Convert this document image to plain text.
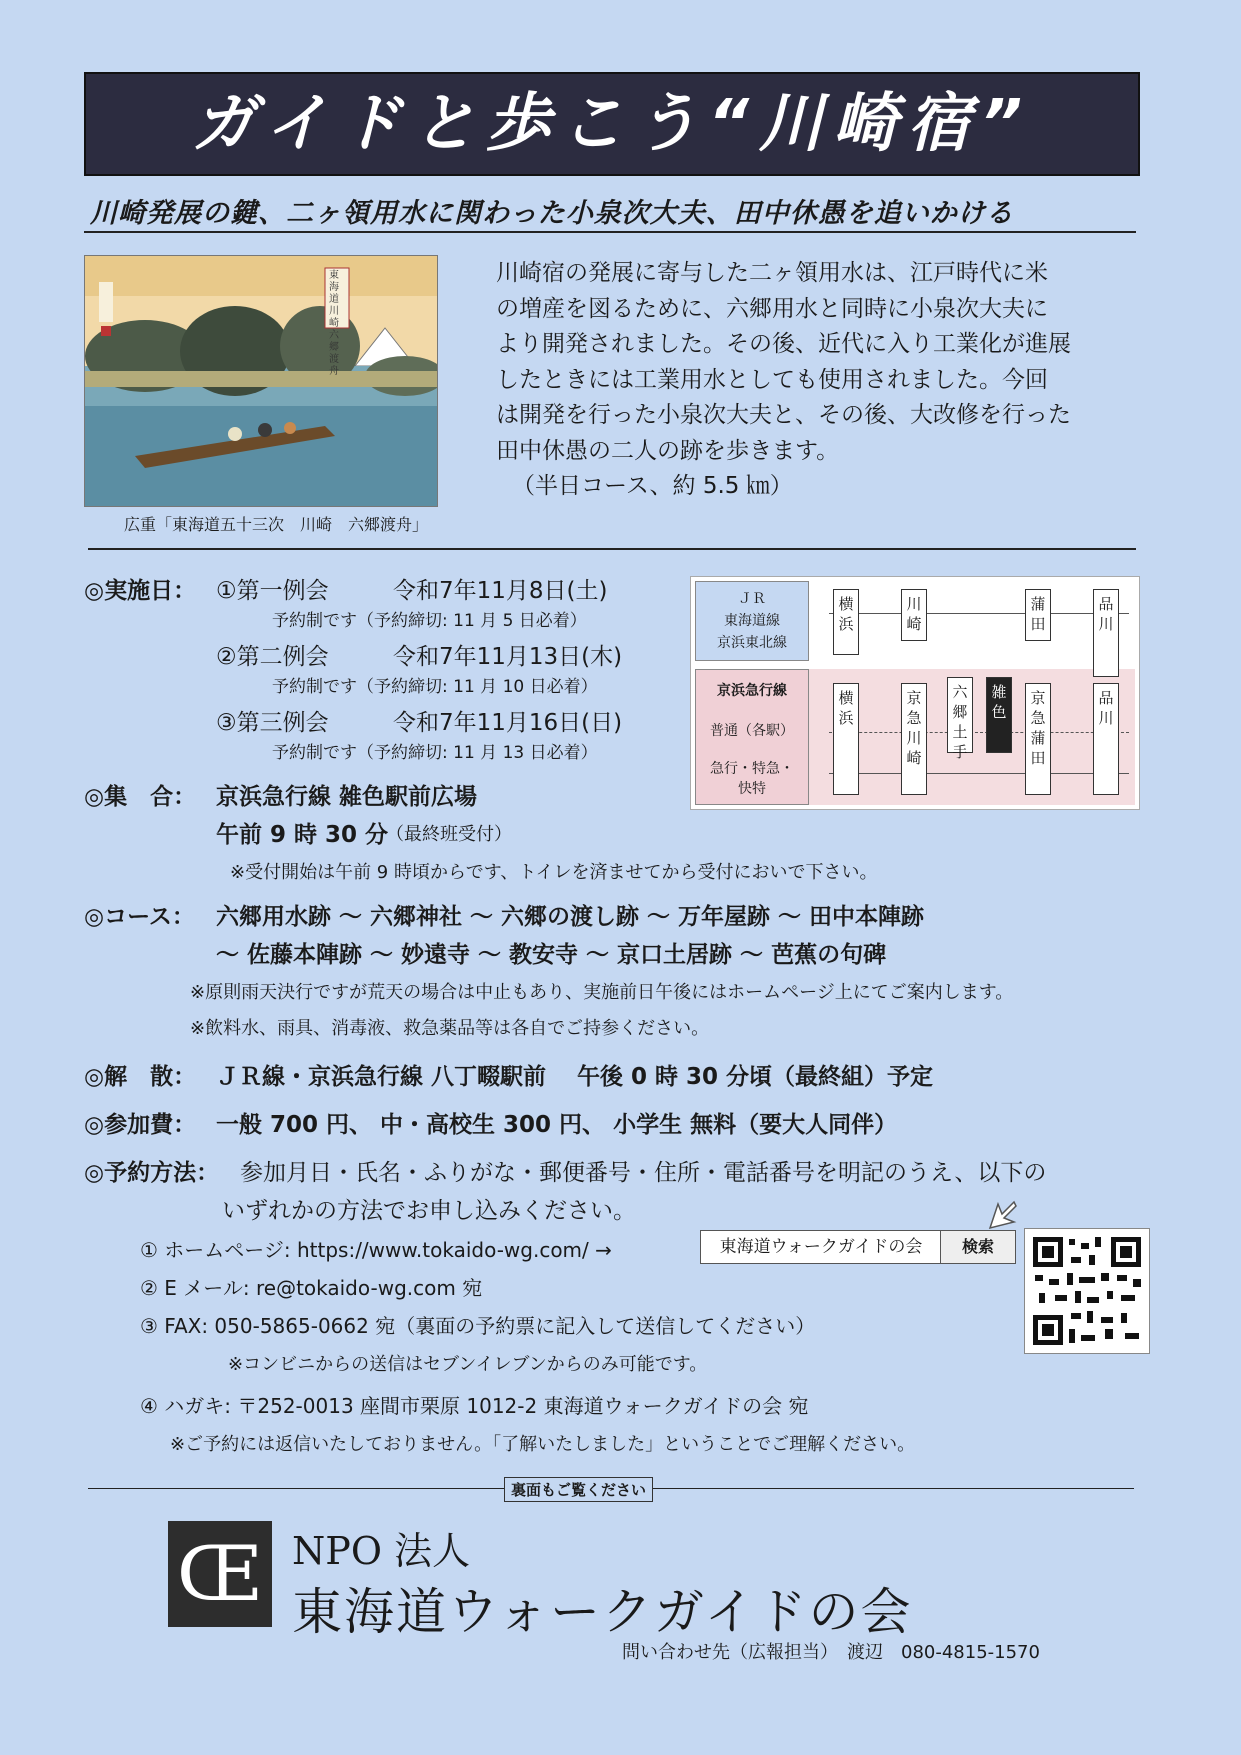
ガイドと歩こう“川崎宿”
川崎発展の鍵、二ヶ領用水に関わった小泉次大夫、田中休愚を追いかける
東海道 川崎 六郷渡舟
広重「東海道五十三次　川崎　六郷渡舟」

川崎宿の発展に寄与した二ヶ領用水は、江戸時代に米

の増産を図るために、六郷用水と同時に小泉次大夫に

より開発されました。その後、近代に入り工業化が進展

したときには工業用水としても使用されました。今回

は開発を行った小泉次大夫と、その後、大改修を行った

田中休愚の二人の跡を歩きます。

（半日コース、約 5.5 ㎞）

◎実施日： ①第一例会	令和7年11月8日(土)
予約制です（予約締切: 11 月 5 日必着）
②第二例会	令和7年11月13日(木)
予約制です（予約締切: 11 月 10 日必着）
③第三例会	令和7年11月16日(日)
予約制です（予約締切: 11 月 13 日必着）
ＪＲ
東海道線
京浜東北線
京浜急行線
普通（各駅）
急行・特急・
快特
横浜
川崎
蒲田
品川
横浜
京急川崎
六郷土手
雑色
京急蒲田
品川
◎集　合： 京浜急行線 雑色駅前広場
午前 9 時 30 分
（最終班受付）
※受付開始は午前 9 時頃からです、トイレを済ませてから受付においで下さい。
◎コース： 六郷用水跡 ～ 六郷神社 ～ 六郷の渡し跡 ～ 万年屋跡 ～ 田中本陣跡
～ 佐藤本陣跡 ～ 妙遠寺 ～ 教安寺 ～ 京口土居跡 ～ 芭蕉の句碑
※原則雨天決行ですが荒天の場合は中止もあり、実施前日午後にはホームページ上にてご案内します。
※飲料水、雨具、消毒液、救急薬品等は各自でご持参ください。
◎解　散： ＪＲ線・京浜急行線 八丁畷駅前　 午後 0 時 30 分頃（最終組）予定
◎参加費： 一般 700 円、 中・高校生 300 円、 小学生 無料（要大人同伴）
◎予約方法： 参加月日・氏名・ふりがな・郵便番号・住所・電話番号を明記のうえ、以下の
いずれかの方法でお申し込みください。
① ホームページ: https://www.tokaido-wg.com/ →	東海道ウォークガイドの会	検索
② E メール: re@tokaido-wg.com 宛
③ FAX: 050-5865-0662 宛（裏面の予約票に記入して送信してください）
※コンビニからの送信はセブンイレブンからのみ可能です。
④ ハガキ: 〒252-0013 座間市栗原 1012-2 東海道ウォークガイドの会 宛
※ご予約には返信いたしておりません。「了解いたしました」ということでご理解ください。
裏面もご覧ください
Œ NPO 法人
東海道ウォークガイドの会
問い合わせ先（広報担当）　渡辺　080-4815-1570
